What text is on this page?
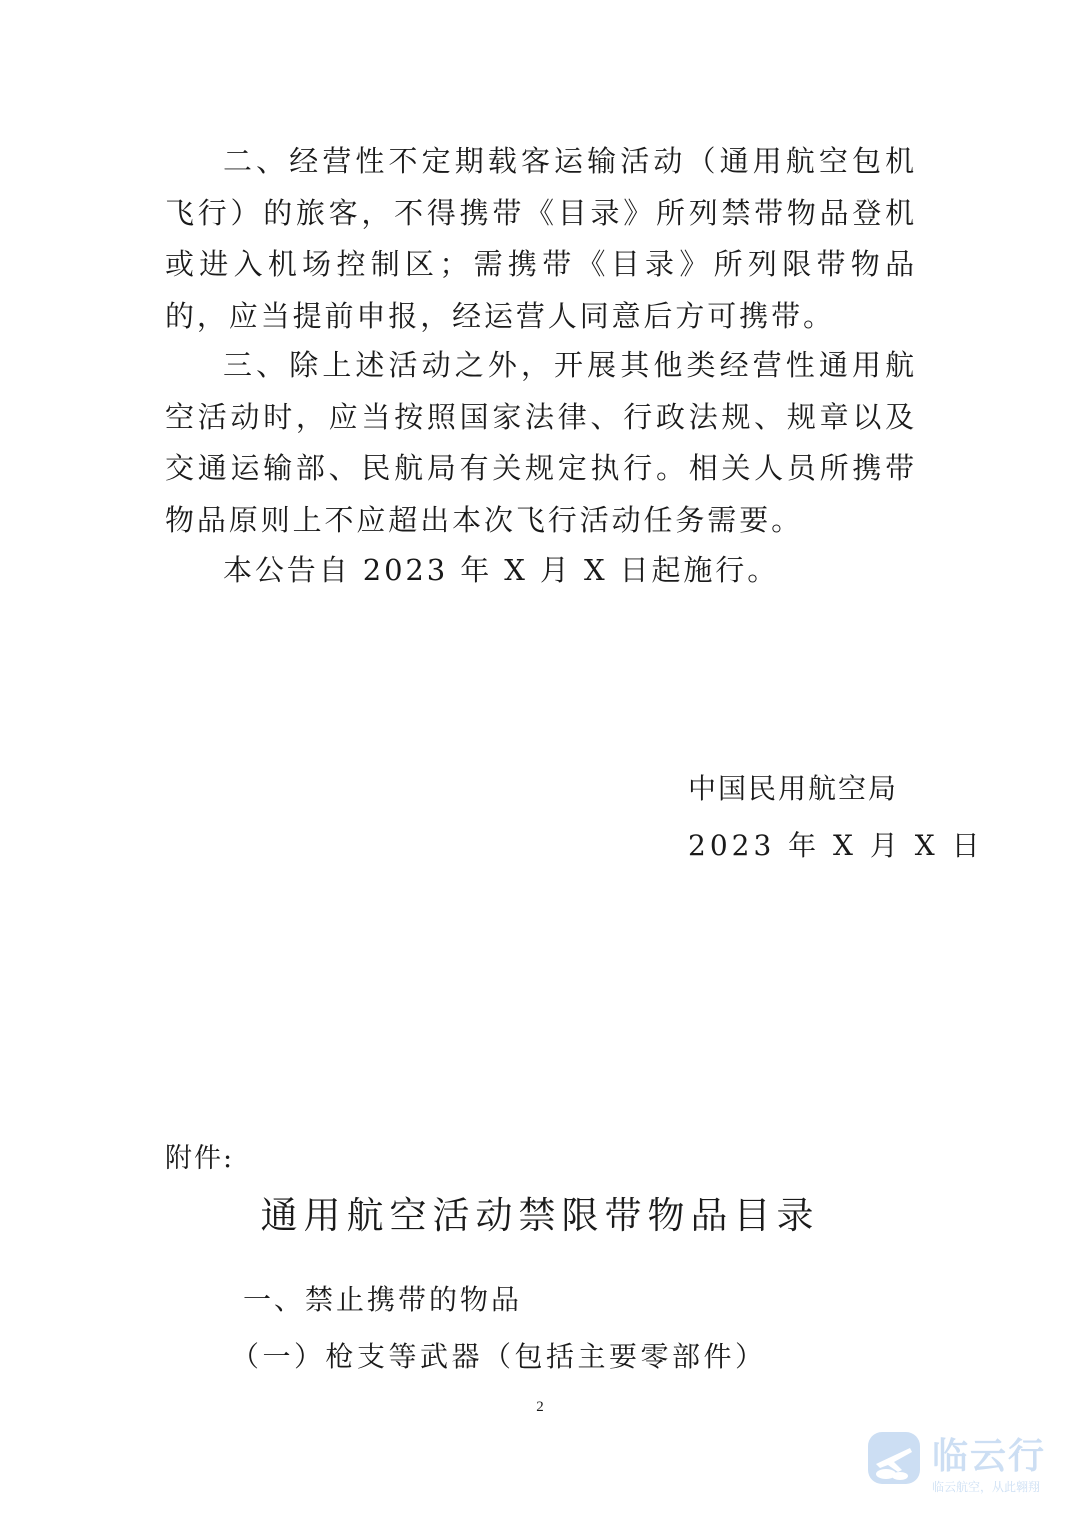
二、经营性不定期载客运输活动（通用航空包机飞行）的旅客，不得携带《目录》所列禁带物品登机或进入机场控制区；需携带《目录》所列限带物品的，应当提前申报，经运营人同意后方可携带。

三、除上述活动之外，开展其他类经营性通用航空活动时，应当按照国家法律、行政法规、规章以及交通运输部、民航局有关规定执行。相关人员所携带物品原则上不应超出本次飞行活动任务需要。

本公告自 2023 年 X 月 X 日起施行。

中国民用航空局
2023 年 X 月 X 日
附件:
通用航空活动禁限带物品目录
一、禁止携带的物品
（一）枪支等武器（包括主要零部件）
2
临云行
临云航空，从此翱翔
